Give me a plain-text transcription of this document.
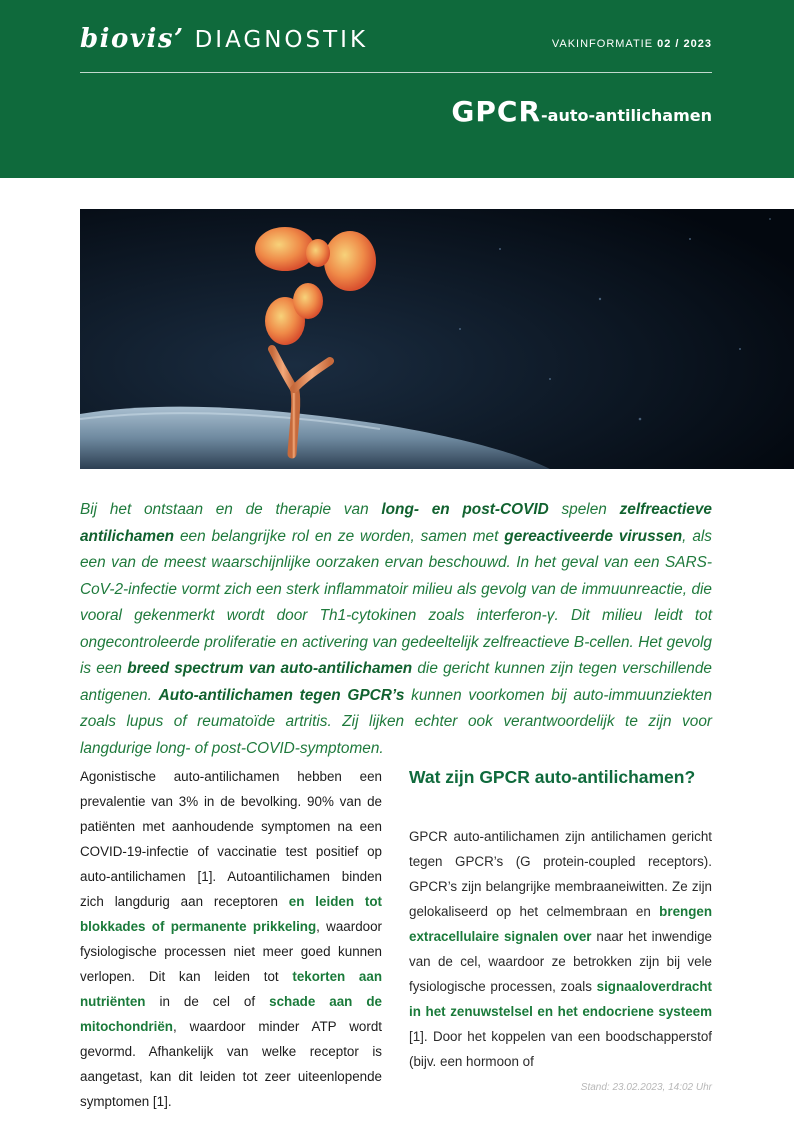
biovis’ DIAGNOSTIK	VAKINFORMATIE 02 / 2023
GPCR-auto-antilichamen

Bij het ontstaan en de therapie van long- en post-COVID spelen zelfreactieve antilichamen een belangrijke rol en ze worden, samen met gereactiveerde virussen, als een van de meest waarschijnlijke oorzaken ervan beschouwd. In het geval van een SARS-CoV-2-infectie vormt zich een sterk inflammatoir milieu als gevolg van de immuunreactie, die vooral gekenmerkt wordt door Th1-cytokinen zoals interferon-γ. Dit milieu leidt tot ongecontroleerde proliferatie en activering van gedeeltelijk zelfreactieve B-cellen. Het gevolg is een breed spectrum van auto-antilichamen die gericht kunnen zijn tegen verschillende antigenen. Auto-antilichamen tegen GPCR’s kunnen voorkomen bij auto-immuunziekten zoals lupus of reumatoïde artritis. Zij lijken echter ook verantwoordelijk te zijn voor langdurige long- of post-COVID-symptomen.

Agonistische auto-antilichamen hebben een prevalentie van 3% in de bevolking. 90% van de patiënten met aanhoudende symptomen na een COVID-19-infectie of vaccinatie test positief op auto-antilichamen [1]. Autoantilichamen binden zich langdurig aan receptoren en leiden tot blokkades of permanente prikkeling, waardoor fysiologische processen niet meer goed kunnen verlopen. Dit kan leiden tot tekorten aan nutriënten in de cel of schade aan de mitochondriën, waardoor minder ATP wordt gevormd. Afhankelijk van welke receptor is aangetast, kan dit leiden tot zeer uiteenlopende symptomen [1].
Wat zijn GPCR auto-antilichamen?
GPCR auto-antilichamen zijn antilichamen gericht tegen GPCR’s (G protein-coupled receptors). GPCR’s zijn belangrijke membraaneiwitten. Ze zijn gelokaliseerd op het celmembraan en brengen extracellulaire signalen over naar het inwendige van de cel, waardoor ze betrokken zijn bij vele fysiologische processen, zoals signaaloverdracht in het zenuwstelsel en het endocriene systeem [1]. Door het koppelen van een boodschapperstof (bijv. een hormoon of
Stand: 23.02.2023, 14:02 Uhr
